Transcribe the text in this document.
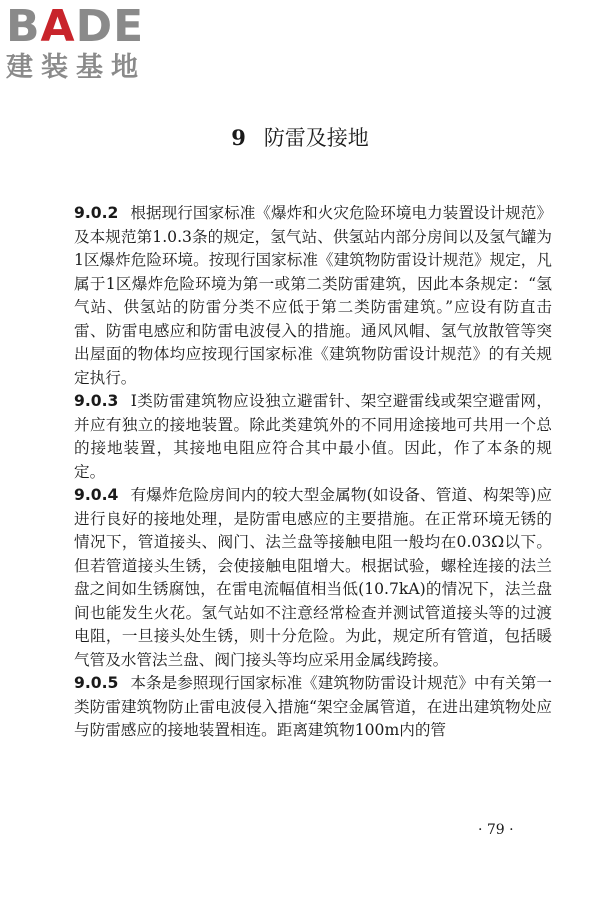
BADE
建装基地
9 防雷及接地

9.0.2 根据现行国家标准《爆炸和火灾危险环境电力装置设计规范》及本规范第1.0.3条的规定，氢气站、供氢站内部分房间以及氢气罐为1区爆炸危险环境。按现行国家标准《建筑物防雷设计规范》规定，凡属于1区爆炸危险环境为第一或第二类防雷建筑，因此本条规定：“氢气站、供氢站的防雷分类不应低于第二类防雷建筑。”应设有防直击雷、防雷电感应和防雷电波侵入的措施。通风风帽、氢气放散管等突出屋面的物体均应按现行国家标准《建筑物防雷设计规范》的有关规定执行。

9.0.3 Ⅰ类防雷建筑物应设独立避雷针、架空避雷线或架空避雷网，并应有独立的接地装置。除此类建筑外的不同用途接地可共用一个总的接地装置，其接地电阻应符合其中最小值。因此，作了本条的规定。

9.0.4 有爆炸危险房间内的较大型金属物(如设备、管道、构架等)应进行良好的接地处理，是防雷电感应的主要措施。在正常环境无锈的情况下，管道接头、阀门、法兰盘等接触电阻一般均在0.03Ω以下。但若管道接头生锈，会使接触电阻增大。根据试验，螺栓连接的法兰盘之间如生锈腐蚀，在雷电流幅值相当低(10.7kA)的情况下，法兰盘间也能发生火花。氢气站如不注意经常检查并测试管道接头等的过渡电阻，一旦接头处生锈，则十分危险。为此，规定所有管道，包括暖气管及水管法兰盘、阀门接头等均应采用金属线跨接。

9.0.5 本条是参照现行国家标准《建筑物防雷设计规范》中有关第一类防雷建筑物防止雷电波侵入措施“架空金属管道，在进出建筑物处应与防雷感应的接地装置相连。距离建筑物100m内的管

· 79 ·
